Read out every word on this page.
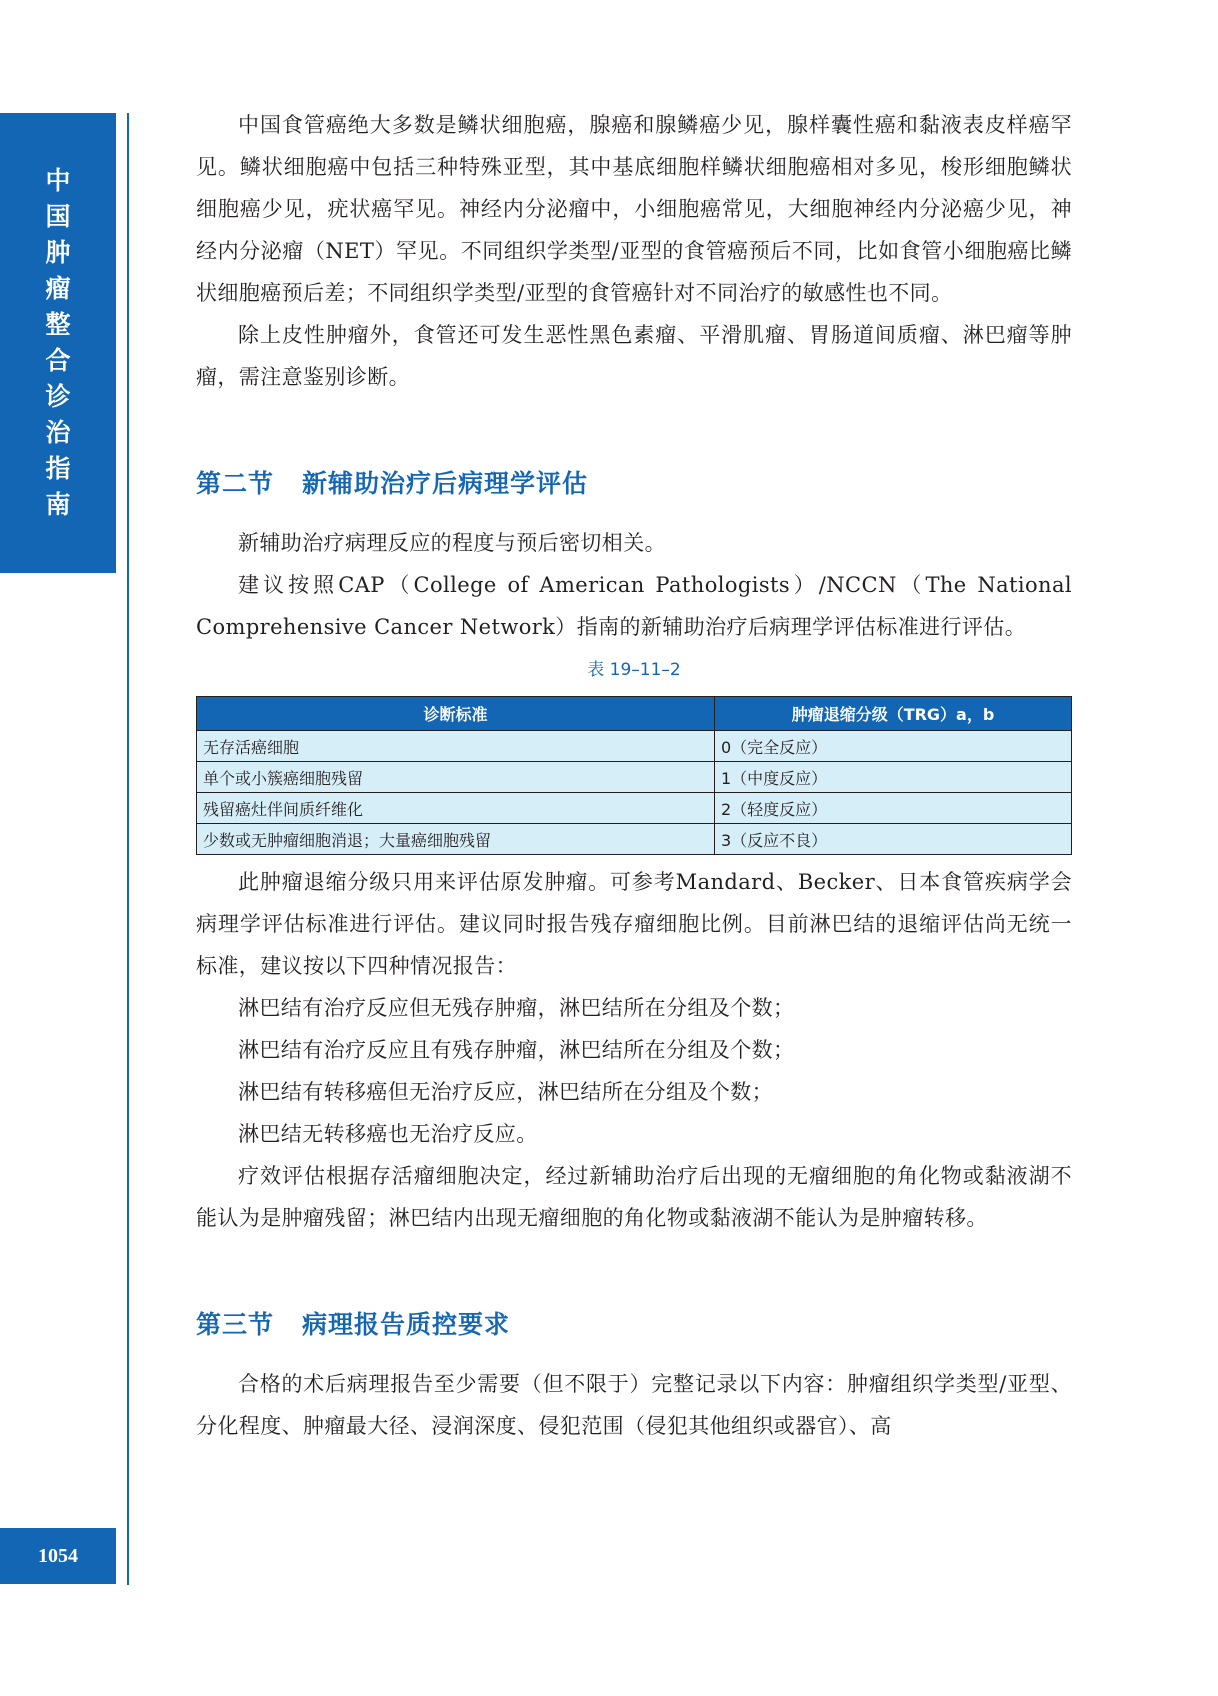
中
国
肿
瘤
整
合
诊
治
指
南
1054

中国食管癌绝大多数是鳞状细胞癌，腺癌和腺鳞癌少见，腺样囊性癌和黏液表皮样癌罕见。鳞状细胞癌中包括三种特殊亚型，其中基底细胞样鳞状细胞癌相对多见，梭形细胞鳞状细胞癌少见，疣状癌罕见。神经内分泌瘤中，小细胞癌常见，大细胞神经内分泌癌少见，神经内分泌瘤（NET）罕见。不同组织学类型/亚型的食管癌预后不同，比如食管小细胞癌比鳞状细胞癌预后差；不同组织学类型/亚型的食管癌针对不同治疗的敏感性也不同。

除上皮性肿瘤外，食管还可发生恶性黑色素瘤、平滑肌瘤、胃肠道间质瘤、淋巴瘤等肿瘤，需注意鉴别诊断。

第二节 新辅助治疗后病理学评估

新辅助治疗病理反应的程度与预后密切相关。

建议按照CAP（College of American Pathologists）/NCCN（The National Comprehensive Cancer Network）指南的新辅助治疗后病理学评估标准进行评估。

表 19–11–2
诊断标准	肿瘤退缩分级（TRG）a，b
无存活癌细胞	0（完全反应）
单个或小簇癌细胞残留	1（中度反应）
残留癌灶伴间质纤维化	2（轻度反应）
少数或无肿瘤细胞消退；大量癌细胞残留	3（反应不良）

此肿瘤退缩分级只用来评估原发肿瘤。可参考Mandard、Becker、日本食管疾病学会病理学评估标准进行评估。建议同时报告残存瘤细胞比例。目前淋巴结的退缩评估尚无统一标准，建议按以下四种情况报告：

淋巴结有治疗反应但无残存肿瘤，淋巴结所在分组及个数；

淋巴结有治疗反应且有残存肿瘤，淋巴结所在分组及个数；

淋巴结有转移癌但无治疗反应，淋巴结所在分组及个数；

淋巴结无转移癌也无治疗反应。

疗效评估根据存活瘤细胞决定，经过新辅助治疗后出现的无瘤细胞的角化物或黏液湖不能认为是肿瘤残留；淋巴结内出现无瘤细胞的角化物或黏液湖不能认为是肿瘤转移。

第三节 病理报告质控要求

合格的术后病理报告至少需要（但不限于）完整记录以下内容：肿瘤组织学类型/亚型、分化程度、肿瘤最大径、浸润深度、侵犯范围（侵犯其他组织或器官）、高
